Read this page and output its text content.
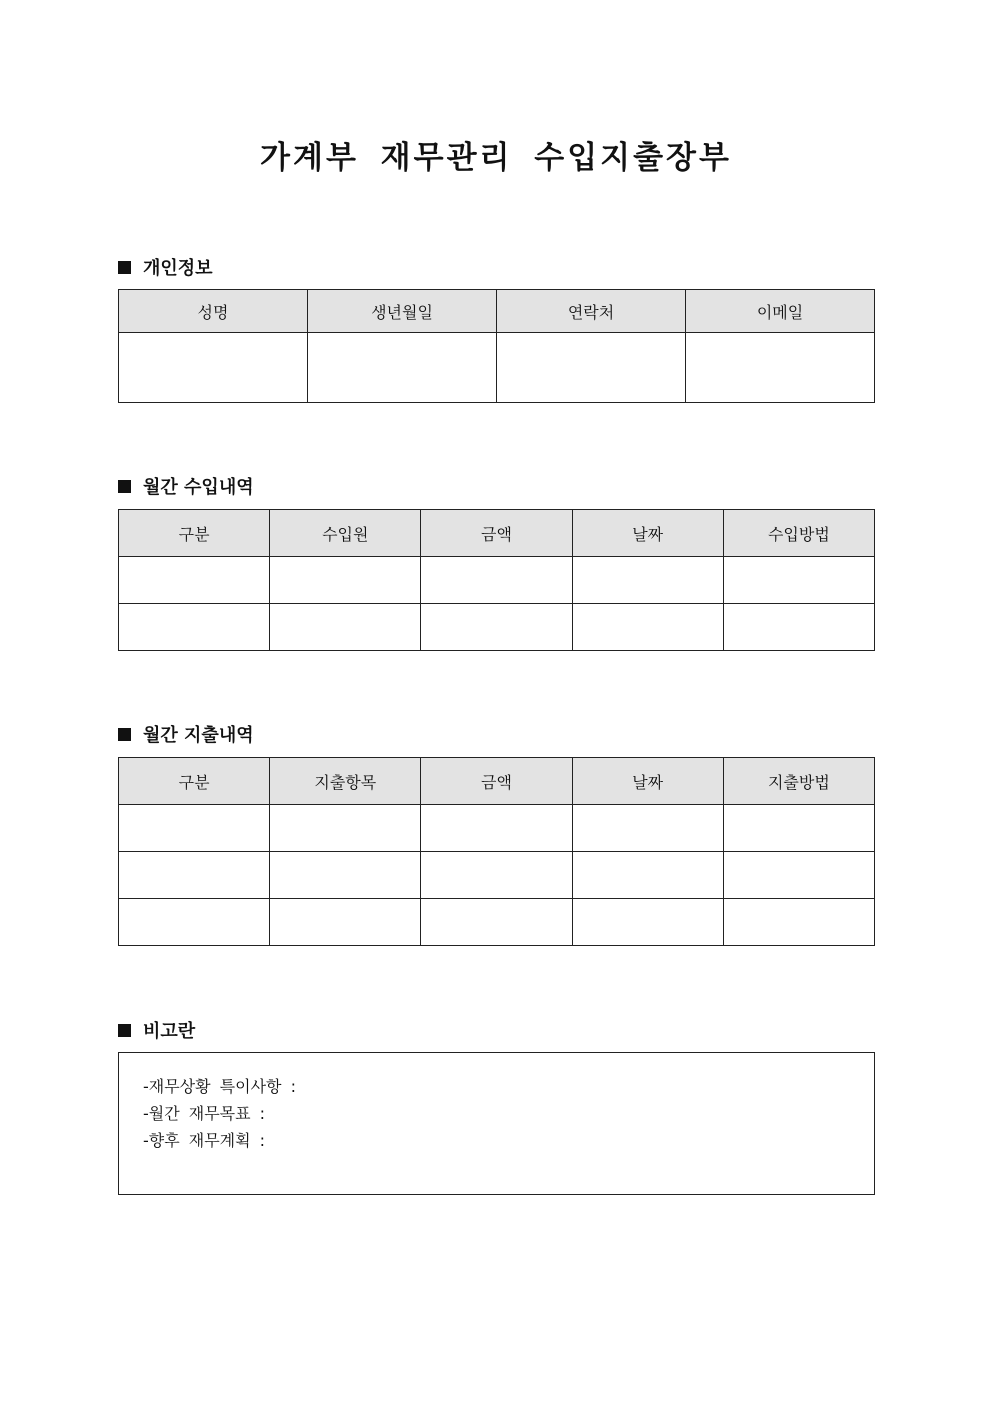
가계부 재무관리 수입지출장부
개인정보
성명	생년월일	연락처	이메일

월간 수입내역
구분	수입원	금액	날짜	수입방법

월간 지출내역
구분	지출항목	금액	날짜	지출방법

비고란
-재무상황 특이사항 :
-월간 재무목표 :
-향후 재무계획 :
